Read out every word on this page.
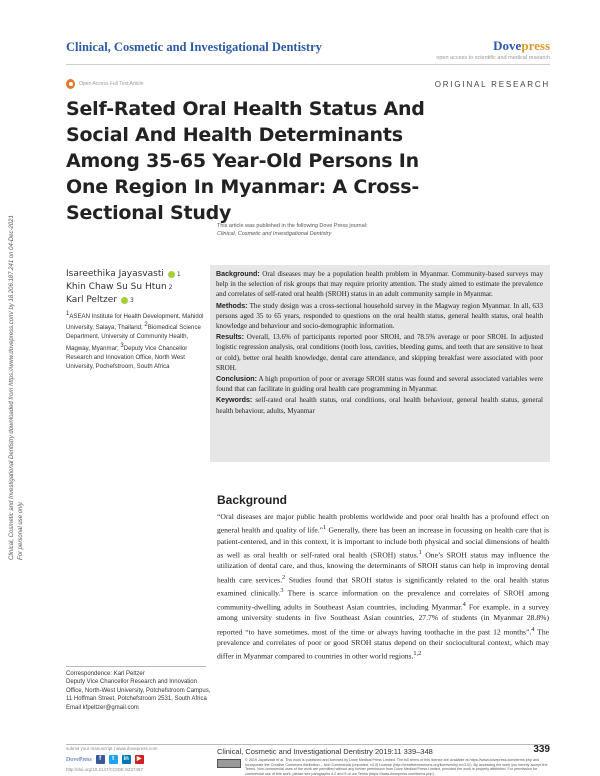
Clinical, Cosmetic and Investigational Dentistry	Dovepress
open access to scientific and medical research
Open Access Full Text Article	ORIGINAL RESEARCH
Self-Rated Oral Health Status And Social And Health Determinants Among 35-65 Year-Old Persons In One Region In Myanmar: A Cross-Sectional Study
This article was published in the following Dove Press journal:
Clinical, Cosmetic and Investigational Dentistry
Isareethika Jayasvasti 1
Khin Chaw Su Su Htun 2
Karl Peltzer 3
1ASEAN Institute for Health Development, Mahidol University, Salaya, Thailand; 2Biomedical Science Department, University of Community Health, Magway, Myanmar; 3Deputy Vice Chancellor Research and Innovation Office, North West University, Pochefstroom, South Africa

Background: Oral diseases may be a population health problem in Myanmar. Community-based surveys may help in the selection of risk groups that may require priority attention. The study aimed to estimate the prevalence and correlates of self-rated oral health (SROH) status in an adult community sample in Myanmar.

Methods: The study design was a cross-sectional household survey in the Magway region Myanmar. In all, 633 persons aged 35 to 65 years, responded to questions on the oral health status, general health status, oral health knowledge and behaviour and socio-demographic information.

Results: Overall, 13.6% of participants reported poor SROH, and 78.5% average or poor SROH. In adjusted logistic regression analysis, oral conditions (tooth loss, cavities, bleeding gums, and teeth that are sensitive to heat or cold), better oral health knowledge, dental care attendance, and skipping breakfast were associated with poor SROH.

Conclusion: A high proportion of poor or average SROH status was found and several associated variables were found that can facilitate in guiding oral health care programming in Myanmar.

Keywords: self-rated oral health status, oral conditions, oral health behaviour, general health status, general health behaviour, adults, Myanmar

Background
“Oral diseases are major public health problems worldwide and poor oral health has a profound effect on general health and quality of life.”$^1$ Generally, there has been an increase in focussing on health care that is patient-centered, and in this context, it is important to include both physical and social dimensions of health as well as oral health or self-rated oral health (SROH) status.$^1$ One’s SROH status may influence the utilization of dental care, and thus, knowing the determinants of SROH status can help in improving dental health care services.$^2$ Studies found that SROH status is significantly related to the oral health status examined clinically.$^3$ There is scarce information on the prevalence and correlates of SROH among community-dwelling adults in Southeast Asian countries, including Myanmar.$^4$ For example, in a survey among university students in five Southeast Asian countries, 27.7% of students (in Myanmar 28.8%) reported “to have sometimes, most of the time or always having toothache in the past 12 months”.$^4$ The prevalence and correlates of poor or good SROH status depend on their sociocultural context, which may differ in Myanmar compared to countries in other world regions.$^{1,2}$
Correspondence: Karl Peltzer
Deputy Vice Chancellor Research and Innovation Office, North-West University, Potchefstroom Campus, 11 Hoffman Street, Potchefstroom 2531, South Africa
Email kfpeltzer@gmail.com
Clinical, Cosmetic and Investigational Dentistry downloaded from https://www.dovepress.com/ by 18.206.187.241 on 04-Dec-2021 For personal use only.
submit your manuscript | www.dovepress.com
DovePress	f	t	in	▶
http://doi.org/10.2147/CCIDE.S227497
Clinical, Cosmetic and Investigational Dentistry 2019:11 339–348	339
© 2019 Jayasvasti et al. This work is published and licensed by Dove Medical Press Limited. The full terms of this license are available at https://www.dovepress.com/terms.php and incorporate the Creative Commons Attribution – Non Commercial (unported, v3.0) License (http://creativecommons.org/licenses/by-nc/3.0/). By accessing the work you hereby accept the Terms. Non-commercial uses of the work are permitted without any further permission from Dove Medical Press Limited, provided the work is properly attributed. For permission for commercial use of this work, please see paragraphs 4.2 and 5 of our Terms (https://www.dovepress.com/terms.php).
